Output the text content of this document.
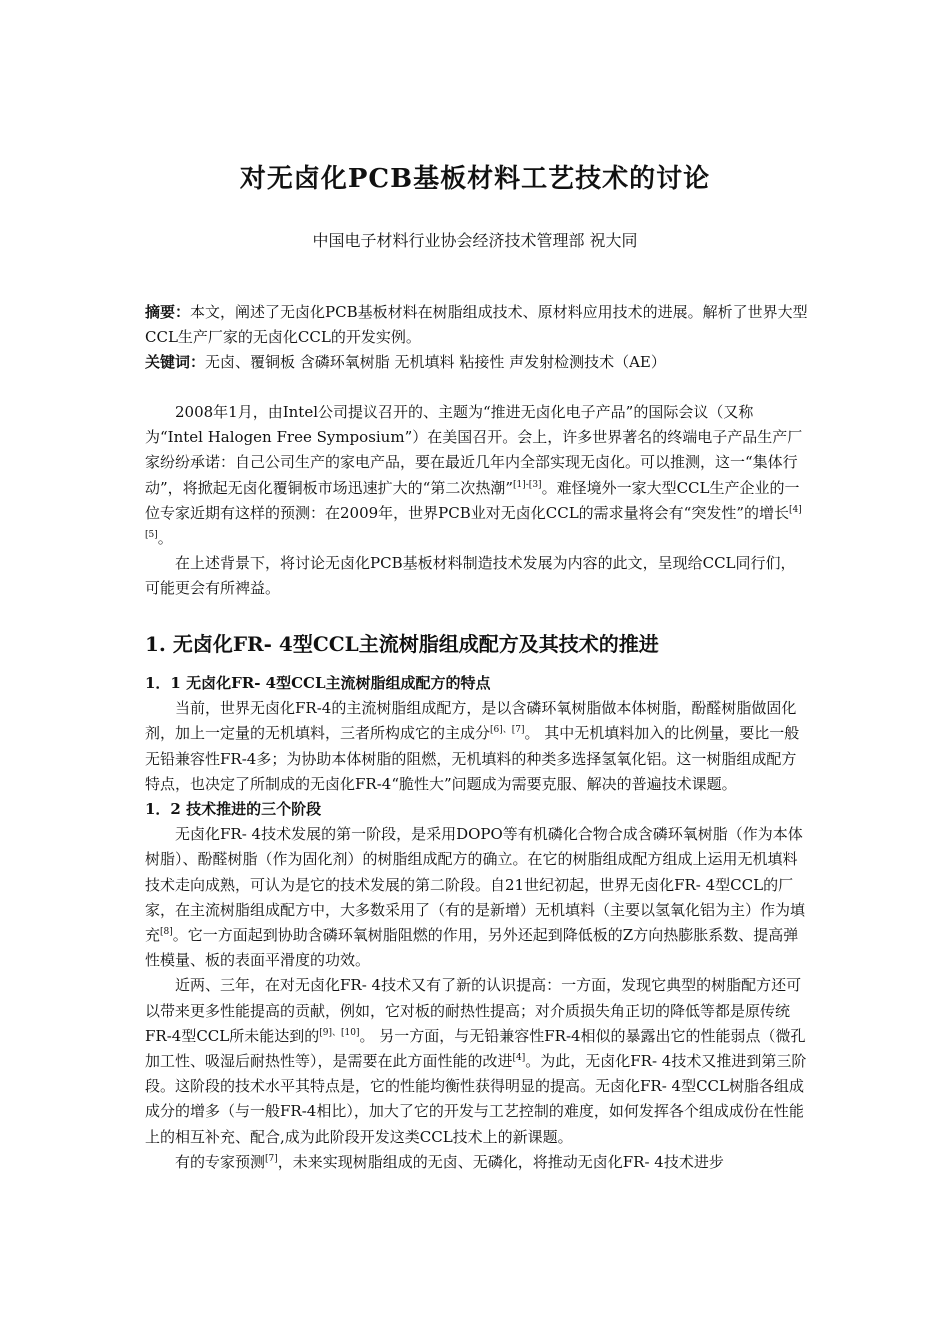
对无卤化PCB基板材料工艺技术的讨论
中国电子材料行业协会经济技术管理部 祝大同

摘要：本文，阐述了无卤化PCB基板材料在树脂组成技术、原材料应用技术的进展。解析了世界大型CCL生产厂家的无卤化CCL的开发实例。

关键词：无卤、覆铜板 含磷环氧树脂 无机填料 粘接性 声发射检测技术（AE）

2008年1月，由Intel公司提议召开的、主题为“推进无卤化电子产品”的国际会议（又称为“Intel Halogen Free Symposium”）在美国召开。会上，许多世界著名的终端电子产品生产厂家纷纷承诺：自己公司生产的家电产品，要在最近几年内全部实现无卤化。可以推测，这一“集体行动”，将掀起无卤化覆铜板市场迅速扩大的“第二次热潮”[1]-[3]。难怪境外一家大型CCL生产企业的一位专家近期有这样的预测：在2009年，世界PCB业对无卤化CCL的需求量将会有“突发性”的增长[4] [5]。

在上述背景下，将讨论无卤化PCB基板材料制造技术发展为内容的此文，呈现给CCL同行们，可能更会有所裨益。

1. 无卤化FR- 4型CCL主流树脂组成配方及其技术的推进
1．1 无卤化FR- 4型CCL主流树脂组成配方的特点

当前，世界无卤化FR-4的主流树脂组成配方，是以含磷环氧树脂做本体树脂，酚醛树脂做固化剂，加上一定量的无机填料，三者所构成它的主成分[6]、[7]。 其中无机填料加入的比例量，要比一般无铅兼容性FR-4多；为协助本体树脂的阻燃，无机填料的种类多选择氢氧化铝。这一树脂组成配方特点，也决定了所制成的无卤化FR-4“脆性大”问题成为需要克服、解决的普遍技术课题。

1．2 技术推进的三个阶段

无卤化FR- 4技术发展的第一阶段，是采用DOPO等有机磷化合物合成含磷环氧树脂（作为本体树脂）、酚醛树脂（作为固化剂）的树脂组成配方的确立。在它的树脂组成配方组成上运用无机填料技术走向成熟，可认为是它的技术发展的第二阶段。自21世纪初起，世界无卤化FR- 4型CCL的厂家，在主流树脂组成配方中，大多数采用了（有的是新增）无机填料（主要以氢氧化铝为主）作为填充[8]。它一方面起到协助含磷环氧树脂阻燃的作用，另外还起到降低板的Z方向热膨胀系数、提高弹性模量、板的表面平滑度的功效。

近两、三年，在对无卤化FR- 4技术又有了新的认识提高：一方面，发现它典型的树脂配方还可以带来更多性能提高的贡献，例如，它对板的耐热性提高；对介质损失角正切的降低等都是原传统FR-4型CCL所未能达到的[9]、[10]。 另一方面，与无铅兼容性FR-4相似的暴露出它的性能弱点（微孔加工性、吸湿后耐热性等），是需要在此方面性能的改进[4]。为此，无卤化FR- 4技术又推进到第三阶段。这阶段的技术水平其特点是，它的性能均衡性获得明显的提高。无卤化FR- 4型CCL树脂各组成成分的增多（与一般FR-4相比），加大了它的开发与工艺控制的难度，如何发挥各个组成成份在性能上的相互补充、配合,成为此阶段开发这类CCL技术上的新课题。

有的专家预测[7]，未来实现树脂组成的无卤、无磷化，将推动无卤化FR- 4技术进步
